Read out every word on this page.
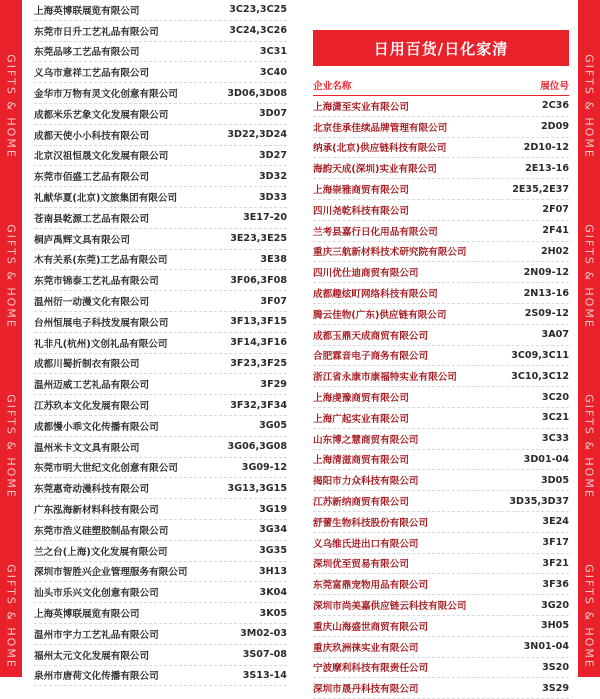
GIFTS & HOME
GIFTS & HOME
GIFTS & HOME
GIFTS & HOME
GIFTS & HOME
GIFTS & HOME
GIFTS & HOME
GIFTS & HOME
上海英博联展览有限公司	3C23,3C25
东莞市日升工艺礼品有限公司	3C24,3C26
东莞品哆工艺品有限公司	3C31
义乌市意祥工艺品有限公司	3C40
金华市万物有灵文化创意有限公司	3D06,3D08
成都米乐艺象文化发展有限公司	3D07
成都天使小小科技有限公司	3D22,3D24
北京汉祖恒晟文化发展有限公司	3D27
东莞市佰盛工艺品有限公司	3D32
礼献华夏(北京)文旅集团有限公司	3D33
苍南县乾源工艺品有限公司	3E17-20
桐庐禹辉文具有限公司	3E23,3E25
木有关系(东莞)工艺品有限公司	3E38
东莞市锦泰工艺礼品有限公司	3F06,3F08
温州衍一动漫文化有限公司	3F07
台州恒展电子科技发展有限公司	3F13,3F15
礼非凡(杭州)文创礼品有限公司	3F14,3F16
成都川蜀折制衣有限公司	3F23,3F25
温州迈威工艺礼品有限公司	3F29
江苏玖本文化发展有限公司	3F32,3F34
成都慢小乖文化传播有限公司	3G05
温州米卡文文具有限公司	3G06,3G08
东莞市明大世纪文化创意有限公司	3G09-12
东莞惠奇动漫科技有限公司	3G13,3G15
广东泓海新材料科技有限公司	3G19
东莞市浩义硅塑胶制品有限公司	3G34
兰之台(上海)文化发展有限公司	3G35
深圳市智胜兴企业管理服务有限公司	3H13
汕头市乐兴文化创意有限公司	3K04
上海英博联展览有限公司	3K05
温州市宇力工艺礼品有限公司	3M02-03
福州太元文化发展有限公司	3S07-08
泉州市唐荷文化传播有限公司	3S13-14
日用百货/日化家清
企业名称	展位号
上海潇至实业有限公司	2C36
北京佳承佳续品牌管理有限公司	2D09
纳承(北京)供应链科技有限公司	2D10-12
海韵天成(深圳)实业有限公司	2E13-16
上海崇雅商贸有限公司	2E35,2E37
四川尧乾科技有限公司	2F07
兰考县嘉行日化用品有限公司	2F41
重庆三航新材料技术研究院有限公司	2H02
四川优仕迪商贸有限公司	2N09-12
成都趣炫町网络科技有限公司	2N13-16
腾云佳物(广东)供应链有限公司	2S09-12
成都玉鼎天成商贸有限公司	3A07
合肥霖音电子商务有限公司	3C09,3C11
浙江省永康市康福特实业有限公司	3C10,3C12
上海虔豫商贸有限公司	3C20
上海广起实业有限公司	3C21
山东博之慧商贸有限公司	3C33
上海清滋商贸有限公司	3D01-04
揭阳市力众科技有限公司	3D05
江苏新纳商贸有限公司	3D35,3D37
舒蕾生物科技股份有限公司	3E24
义乌维氏进出口有限公司	3F17
深圳优至贸易有限公司	3F21
东莞富鼎宠物用品有限公司	3F36
深圳市尚美嘉供应链云科技有限公司	3G20
重庆山海盛世商贸有限公司	3H05
重庆玖洲徕实业有限公司	3N01-04
宁波摩利科技有限责任公司	3S20
深圳市晟丹科技有限公司	3S29
